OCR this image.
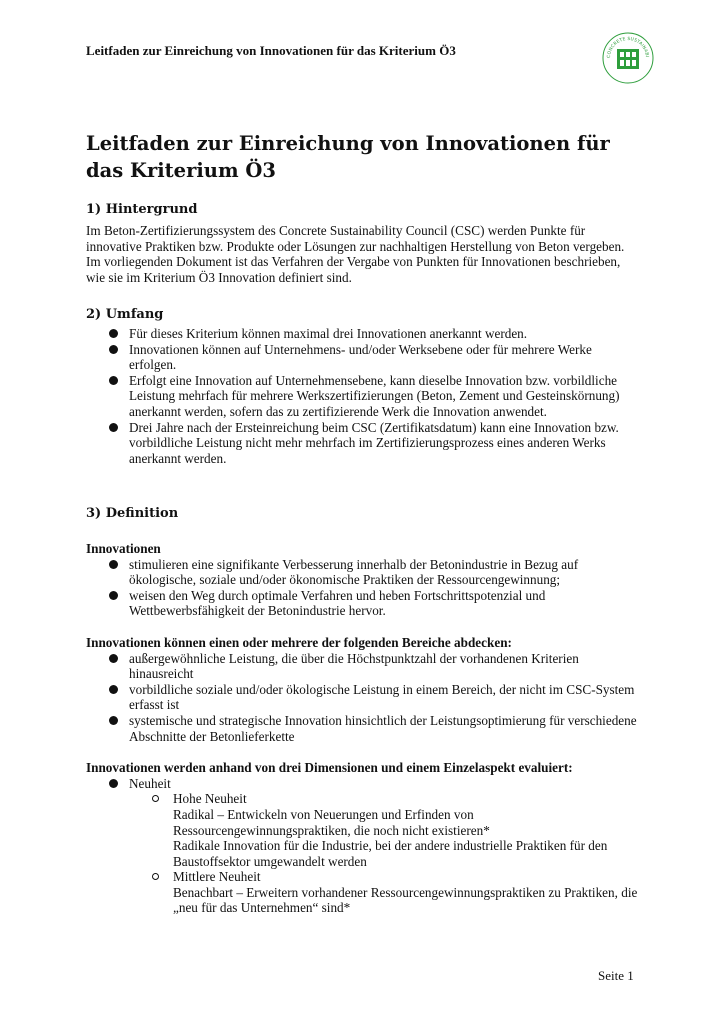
Leitfaden zur Einreichung von Innovationen für das Kriterium Ö3	CONCRETE SUSTAINABI
Leitfaden zur Einreichung von Innovationen für das Kriterium Ö3
1) Hintergrund

Im Beton-Zertifizierungssystem des Concrete Sustainability Council (CSC) werden Punkte für innovative Praktiken bzw. Produkte oder Lösungen zur nachhaltigen Herstellung von Beton vergeben. Im vorliegenden Dokument ist das Verfahren der Vergabe von Punkten für Innovationen beschrieben, wie sie im Kriterium Ö3 Innovation definiert sind.

2) Umfang
Für dieses Kriterium können maximal drei Innovationen anerkannt werden.
Innovationen können auf Unternehmens- und/oder Werksebene oder für mehrere Werke erfolgen.
Erfolgt eine Innovation auf Unternehmensebene, kann dieselbe Innovation bzw. vorbildliche Leistung mehrfach für mehrere Werkszertifizierungen (Beton, Zement und Gesteinskörnung) anerkannt werden, sofern das zu zertifizierende Werk die Innovation anwendet.
Drei Jahre nach der Ersteinreichung beim CSC (Zertifikatsdatum) kann eine Innovation bzw. vorbildliche Leistung nicht mehr mehrfach im Zertifizierungsprozess eines anderen Werks anerkannt werden.
3) Definition

Innovationen

stimulieren eine signifikante Verbesserung innerhalb der Betonindustrie in Bezug auf ökologische, soziale und/oder ökonomische Praktiken der Ressourcengewinnung;
weisen den Weg durch optimale Verfahren und heben Fortschrittspotenzial und Wettbewerbsfähigkeit der Betonindustrie hervor.

Innovationen können einen oder mehrere der folgenden Bereiche abdecken:

außergewöhnliche Leistung, die über die Höchstpunktzahl der vorhandenen Kriterien hinausreicht
vorbildliche soziale und/oder ökologische Leistung in einem Bereich, der nicht im CSC-System erfasst ist
systemische und strategische Innovation hinsichtlich der Leistungsoptimierung für verschiedene Abschnitte der Betonlieferkette

Innovationen werden anhand von drei Dimensionen und einem Einzelaspekt evaluiert:

Neuheit
Hohe Neuheit
Radikal – Entwickeln von Neuerungen und Erfinden von Ressourcengewinnungspraktiken, die noch nicht existieren*
Radikale Innovation für die Industrie, bei der andere industrielle Praktiken für den Baustoffsektor umgewandelt werden
Mittlere Neuheit
Benachbart – Erweitern vorhandener Ressourcengewinnungspraktiken zu Praktiken, die „neu für das Unternehmen“ sind*
Seite 1
